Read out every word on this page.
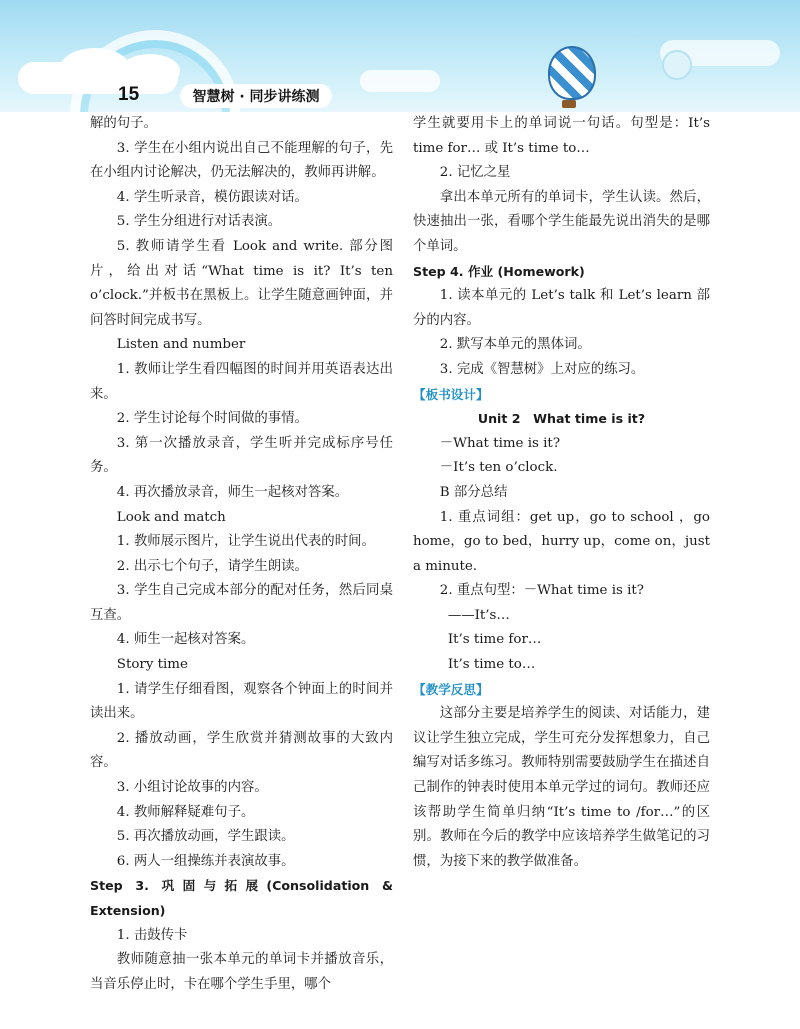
15	智慧树 · 同步讲练测

解的句子。

3. 学生在小组内说出自己不能理解的句子，先在小组内讨论解决，仍无法解决的，教师再讲解。

4. 学生听录音，模仿跟读对话。

5. 学生分组进行对话表演。

5. 教师请学生看 Look and write. 部分图片，给出对话“What time is it? It’s ten o’clock.”并板书在黑板上。让学生随意画钟面，并问答时间完成书写。

Listen and number

1. 教师让学生看四幅图的时间并用英语表达出来。

2. 学生讨论每个时间做的事情。

3. 第一次播放录音，学生听并完成标序号任务。

4. 再次播放录音，师生一起核对答案。

Look and match

1. 教师展示图片，让学生说出代表的时间。

2. 出示七个句子，请学生朗读。

3. 学生自己完成本部分的配对任务，然后同桌互查。

4. 师生一起核对答案。

Story time

1. 请学生仔细看图，观察各个钟面上的时间并读出来。

2. 播放动画，学生欣赏并猜测故事的大致内容。

3. 小组讨论故事的内容。

4. 教师解释疑难句子。

5. 再次播放动画，学生跟读。

6. 两人一组操练并表演故事。

Step 3. 巩固与拓展(Consolidation & Extension)

1. 击鼓传卡

教师随意抽一张本单元的单词卡并播放音乐，当音乐停止时，卡在哪个学生手里，哪个

学生就要用卡上的单词说一句话。句型是：It’s time for… 或 It’s time to…

2. 记忆之星

拿出本单元所有的单词卡，学生认读。然后，快速抽出一张，看哪个学生能最先说出消失的是哪个单词。

Step 4. 作业 (Homework)

1. 读本单元的 Let’s talk 和 Let’s learn 部分的内容。

2. 默写本单元的黑体词。

3. 完成《智慧树》上对应的练习。

【板书设计】

Unit 2　What time is it?

－What time is it?

－It’s ten o’clock.

B 部分总结

1. 重点词组：get up，go to school ，go home，go to bed，hurry up，come on，just a minute.

2. 重点句型：－What time is it?

——It’s…

It’s time for…

It’s time to…

【教学反思】

这部分主要是培养学生的阅读、对话能力，建议让学生独立完成，学生可充分发挥想象力，自己编写对话多练习。教师特别需要鼓励学生在描述自己制作的钟表时使用本单元学过的词句。教师还应该帮助学生简单归纳“It’s time to /for…”的区别。教师在今后的教学中应该培养学生做笔记的习惯，为接下来的教学做准备。
